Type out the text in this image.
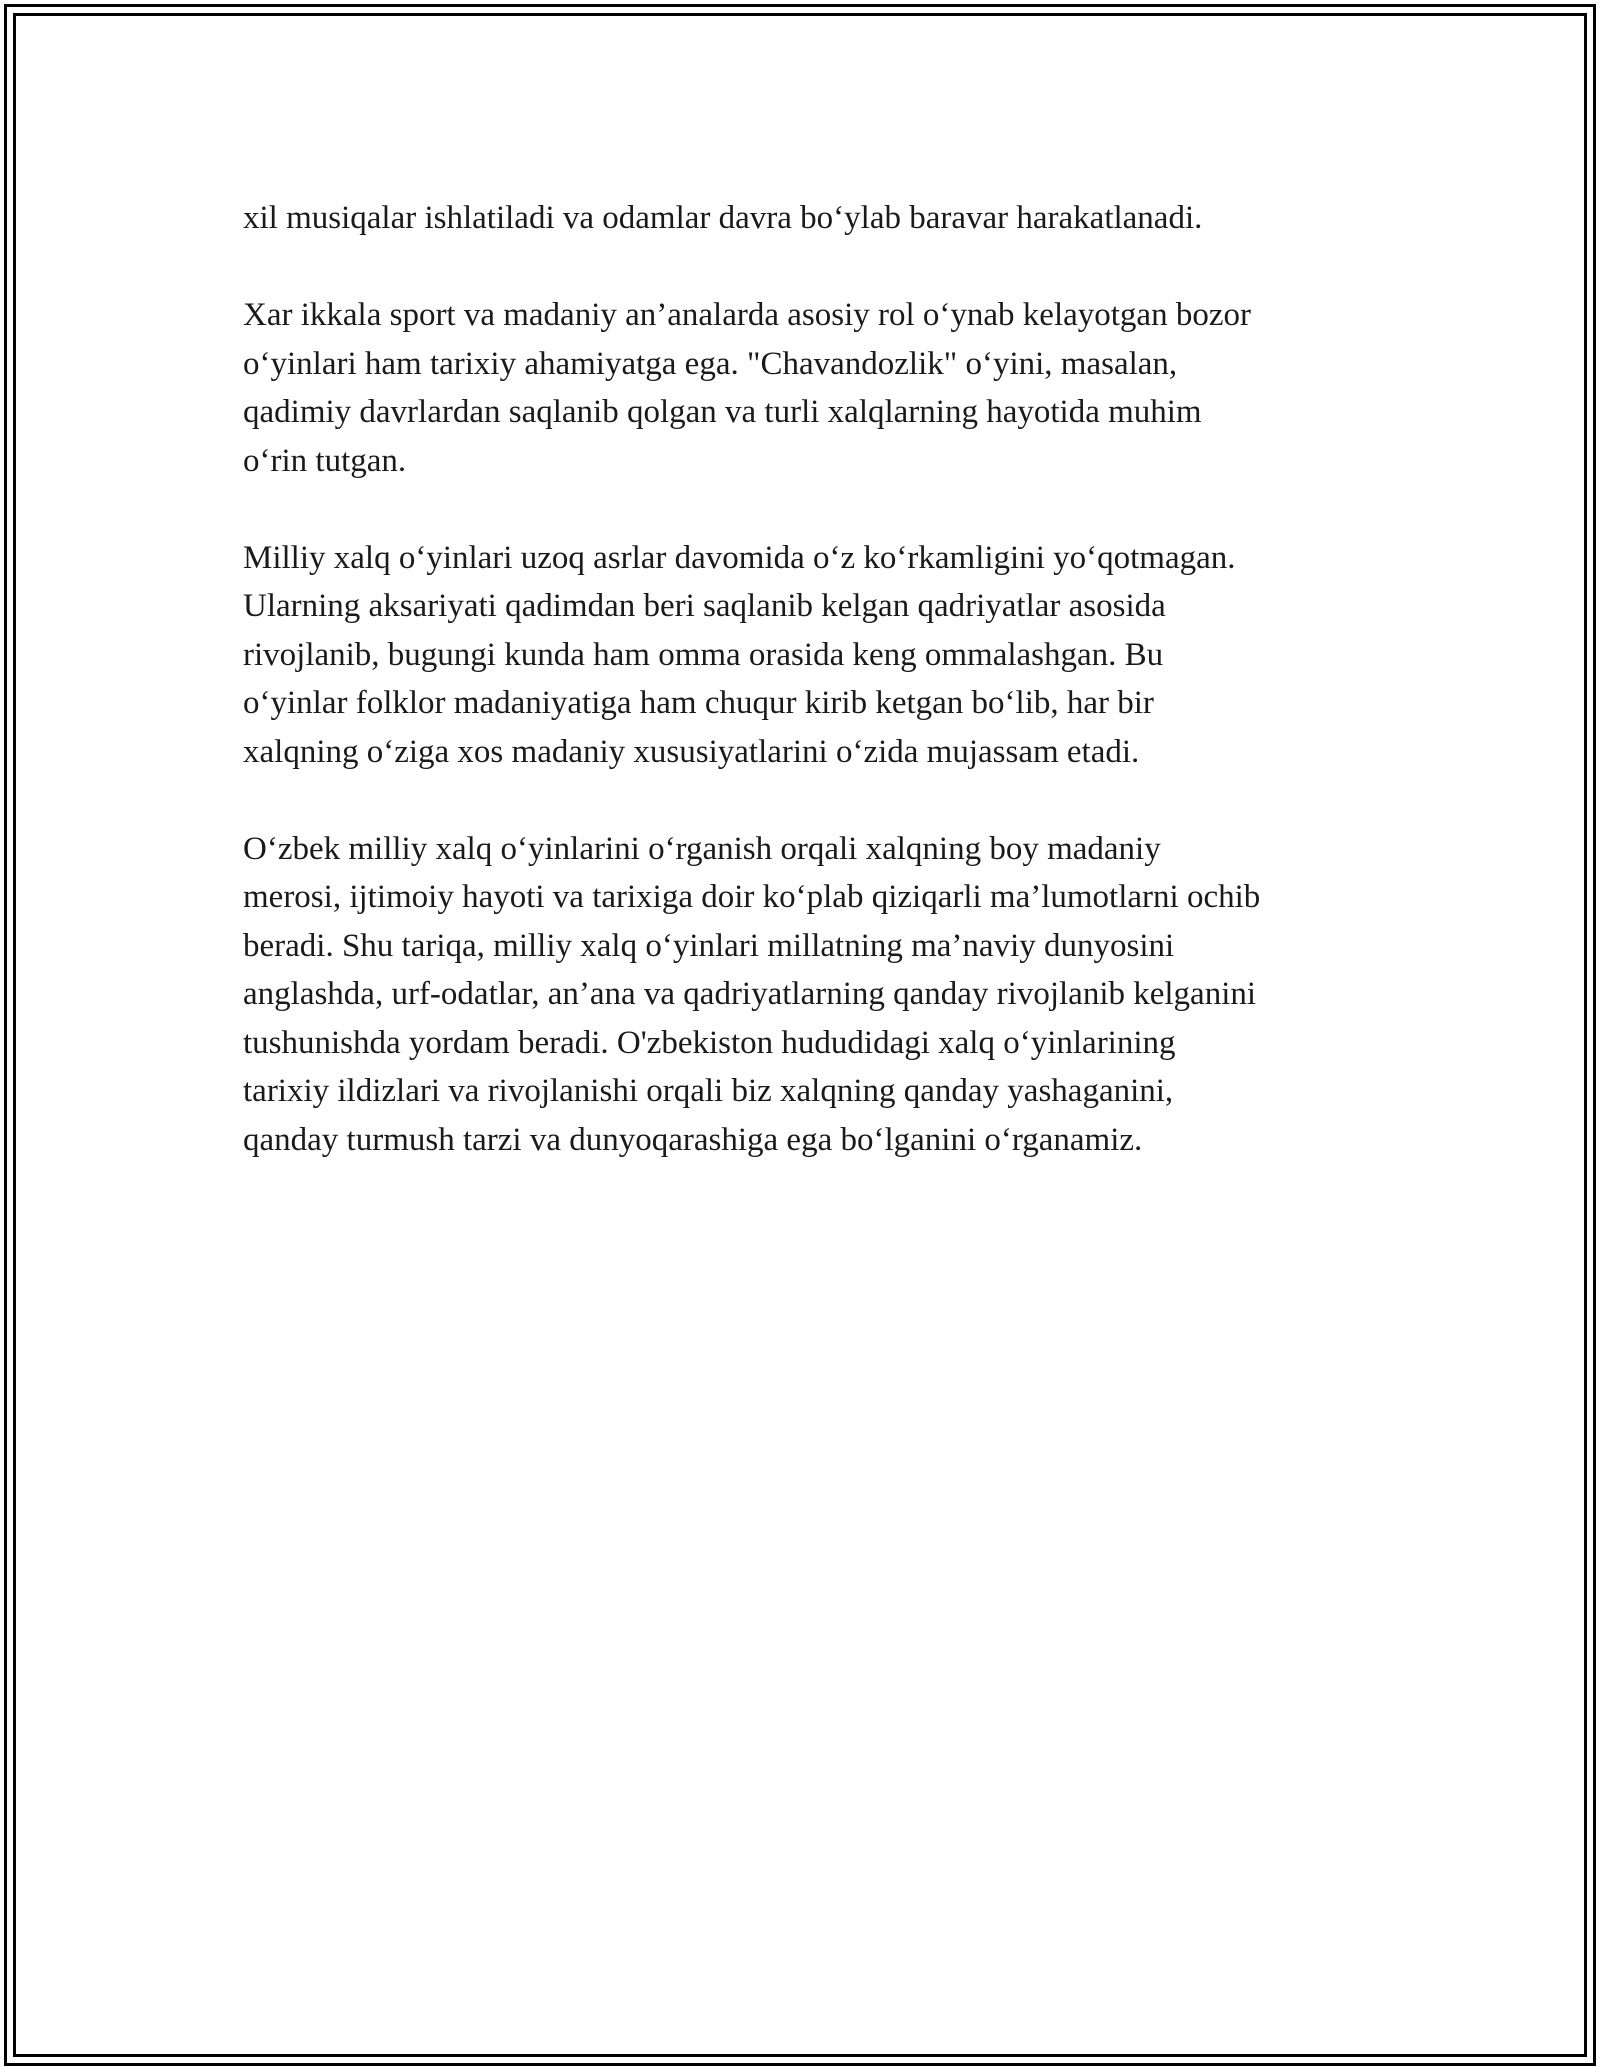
xil musiqalar ishlatiladi va odamlar davra bo‘ylab baravar harakatlanadi.

Xar ikkala sport va madaniy an’analarda asosiy rol o‘ynab kelayotgan bozor
o‘yinlari ham tarixiy ahamiyatga ega. "Chavandozlik" o‘yini, masalan,
qadimiy davrlardan saqlanib qolgan va turli xalqlarning hayotida muhim
o‘rin tutgan.

Milliy xalq o‘yinlari uzoq asrlar davomida o‘z ko‘rkamligini yo‘qotmagan.
Ularning aksariyati qadimdan beri saqlanib kelgan qadriyatlar asosida
rivojlanib, bugungi kunda ham omma orasida keng ommalashgan. Bu
o‘yinlar folklor madaniyatiga ham chuqur kirib ketgan bo‘lib, har bir
xalqning o‘ziga xos madaniy xususiyatlarini o‘zida mujassam etadi.

O‘zbek milliy xalq o‘yinlarini o‘rganish orqali xalqning boy madaniy
merosi, ijtimoiy hayoti va tarixiga doir ko‘plab qiziqarli ma’lumotlarni ochib
beradi. Shu tariqa, milliy xalq o‘yinlari millatning ma’naviy dunyosini
anglashda, urf-odatlar, an’ana va qadriyatlarning qanday rivojlanib kelganini
tushunishda yordam beradi. O'zbekiston hududidagi xalq o‘yinlarining
tarixiy ildizlari va rivojlanishi orqali biz xalqning qanday yashaganini,
qanday turmush tarzi va dunyoqarashiga ega bo‘lganini o‘rganamiz.
